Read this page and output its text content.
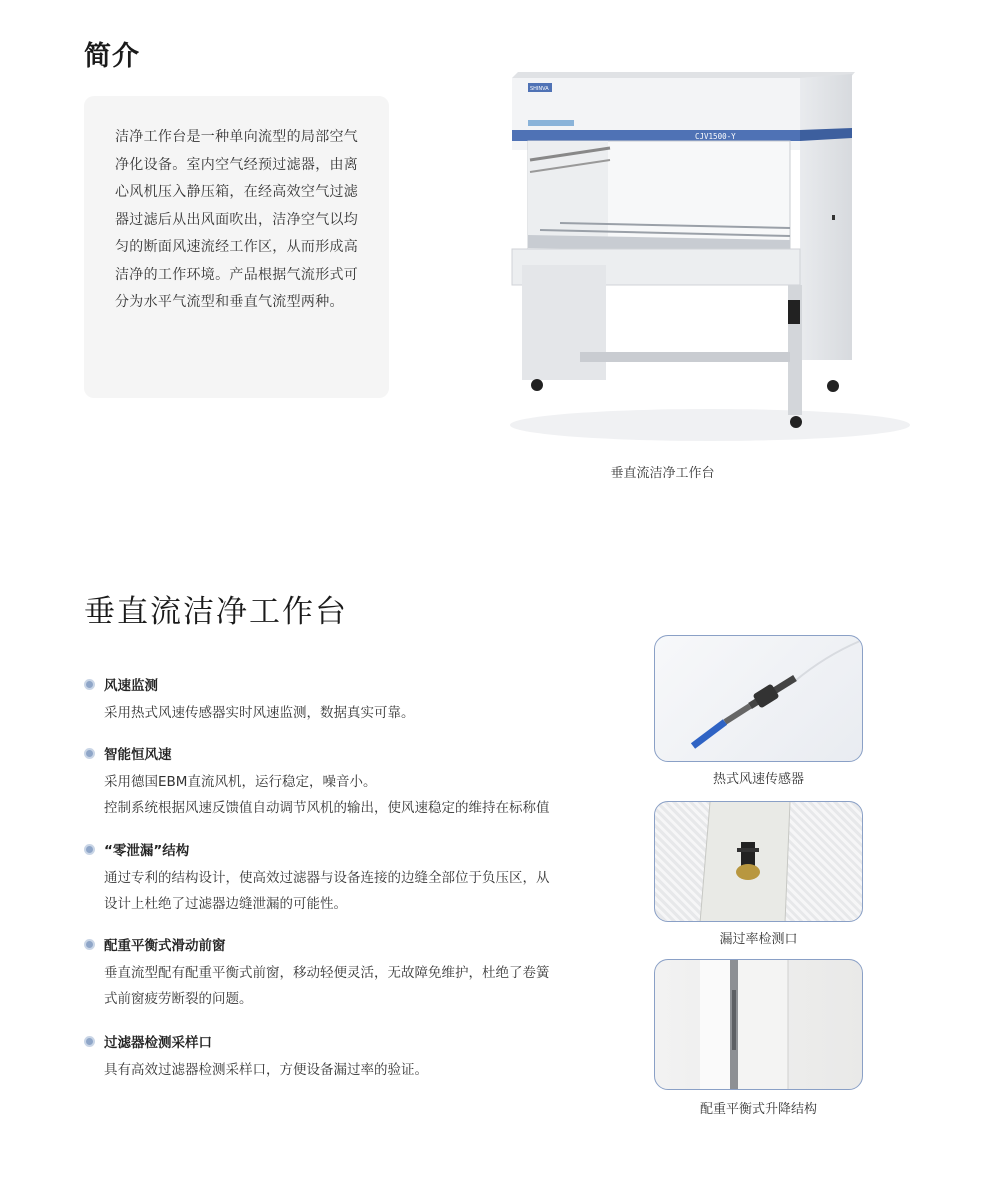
简介

洁净工作台是一种单向流型的局部空气净化设备。室内空气经预过滤器，由离心风机压入静压箱，在经高效空气过滤器过滤后从出风面吹出，洁净空气以均匀的断面风速流经工作区，从而形成高洁净的工作环境。产品根据气流形式可分为水平气流型和垂直气流型两种。

CJV1500-Y
SHINVA
垂直流洁净工作台
垂直流洁净工作台
风速监测

采用热式风速传感器实时风速监测，数据真实可靠。

智能恒风速

采用德国EBM直流风机，运行稳定，噪音小。

控制系统根据风速反馈值自动调节风机的输出，使风速稳定的维持在标称值

“零泄漏”结构

通过专利的结构设计，使高效过滤器与设备连接的边缝全部位于负压区，从

设计上杜绝了过滤器边缝泄漏的可能性。

配重平衡式滑动前窗

垂直流型配有配重平衡式前窗，移动轻便灵活，无故障免维护，杜绝了卷簧

式前窗疲劳断裂的问题。

过滤器检测采样口

具有高效过滤器检测采样口，方便设备漏过率的验证。

热式风速传感器
漏过率检测口
配重平衡式升降结构
